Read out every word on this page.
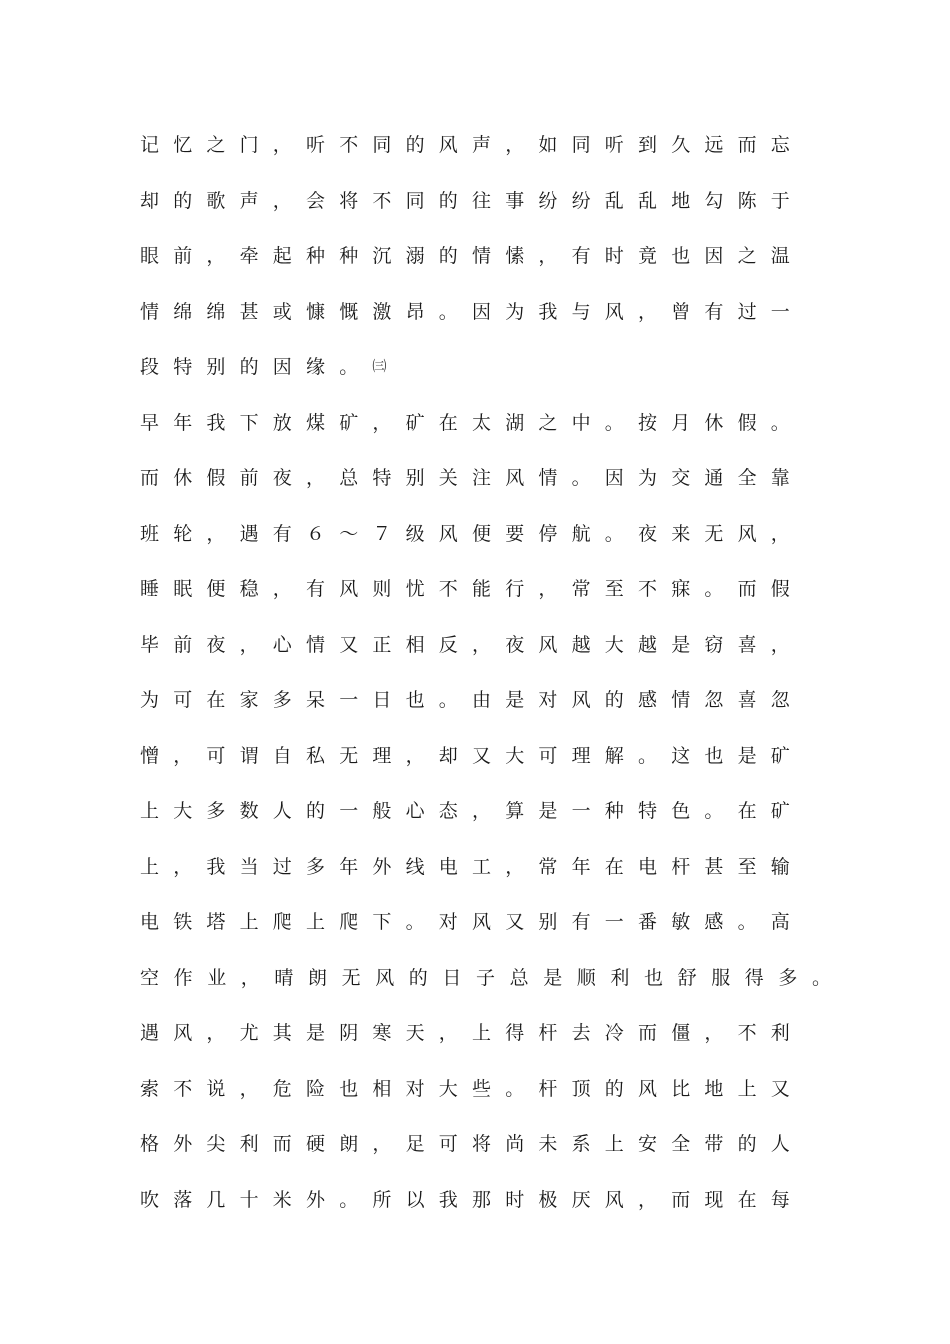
记忆之门，听不同的风声，如同听到久远而忘
却的歌声，会将不同的往事纷纷乱乱地勾陈于
眼前，牵起种种沉溺的情愫，有时竟也因之温
情绵绵甚或慷慨激昂。因为我与风，曾有过一
段特别的因缘。㈢
早年我下放煤矿，矿在太湖之中。按月休假。
而休假前夜，总特别关注风情。因为交通全靠
班轮，遇有６～７级风便要停航。夜来无风，
睡眠便稳，有风则忧不能行，常至不寐。而假
毕前夜，心情又正相反，夜风越大越是窃喜，
为可在家多呆一日也。由是对风的感情忽喜忽
憎，可谓自私无理，却又大可理解。这也是矿
上大多数人的一般心态，算是一种特色。在矿
上，我当过多年外线电工，常年在电杆甚至输
电铁塔上爬上爬下。对风又别有一番敏感。高
空作业，晴朗无风的日子总是顺利也舒服得多。
遇风，尤其是阴寒天，上得杆去冷而僵，不利
索不说，危险也相对大些。杆顶的风比地上又
格外尖利而硬朗，足可将尚未系上安全带的人
吹落几十米外。所以我那时极厌风，而现在每
